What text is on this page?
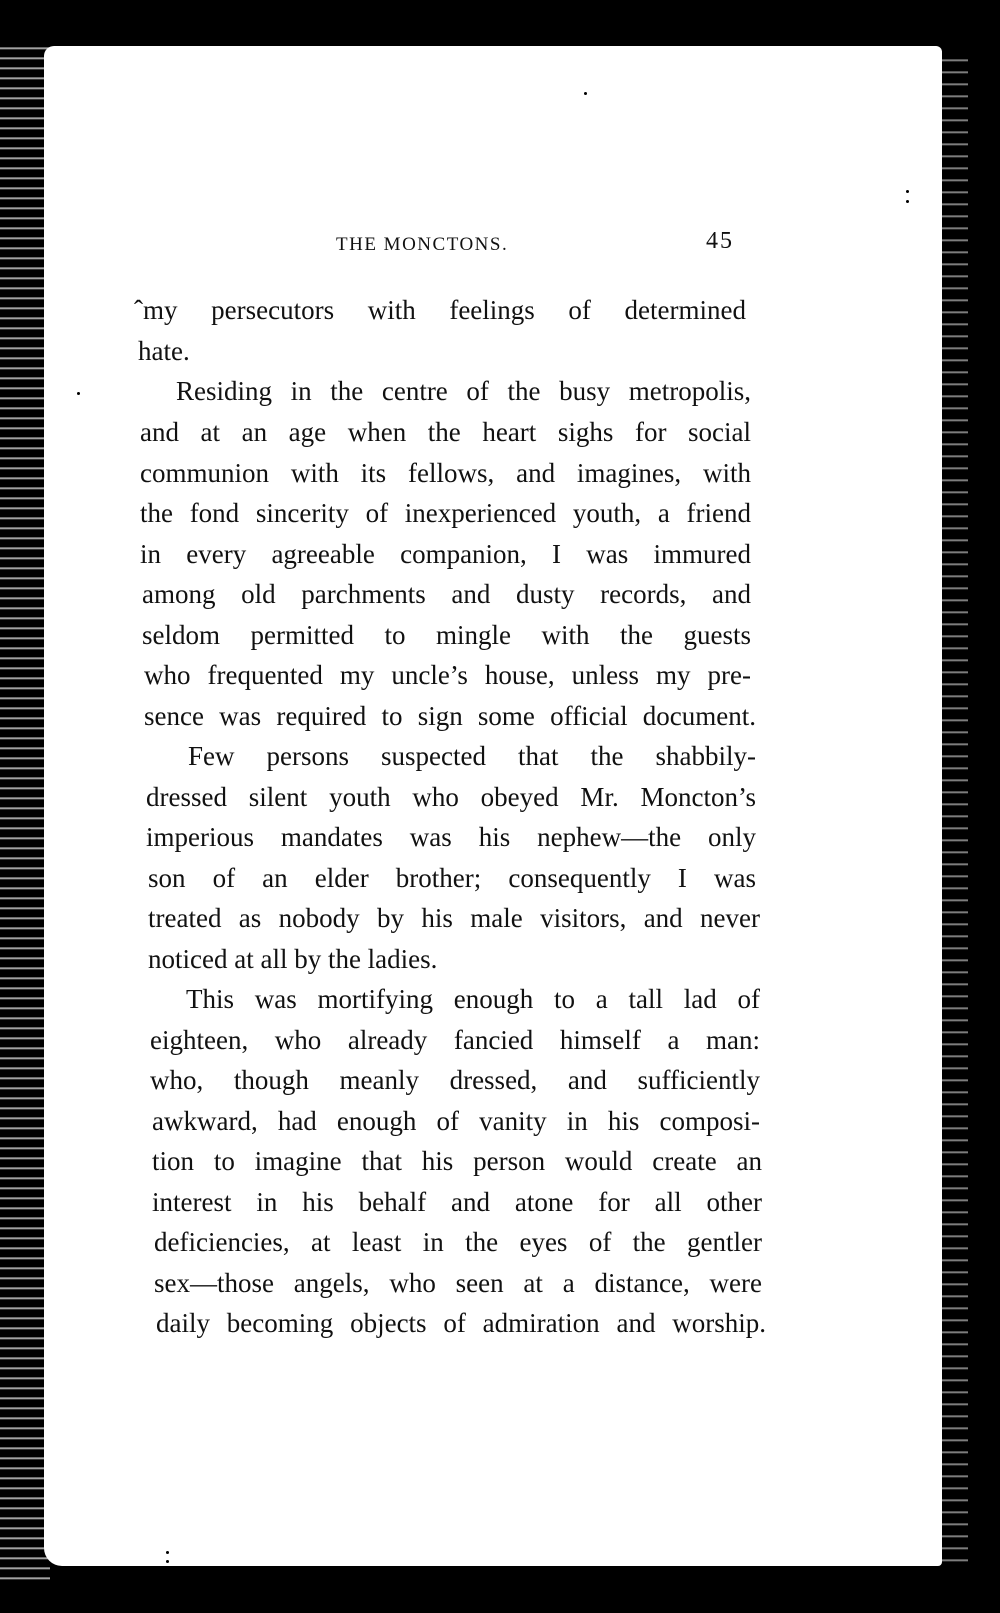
THE MONCTONS.	45
ˆmy persecutors with feelings of determined
hate.
Residing in the centre of the busy metropolis,
and at an age when the heart sighs for social
communion with its fellows, and imagines, with
the fond sincerity of inexperienced youth, a friend
in every agreeable companion, I was immured
among old parchments and dusty records, and
seldom permitted to mingle with the guests
who frequented my uncle’s house, unless my pre-
sence was required to sign some official document.
Few persons suspected that the shabbily-
dressed silent youth who obeyed Mr. Moncton’s
imperious mandates was his nephew—the only
son of an elder brother; consequently I was
treated as nobody by his male visitors, and never
noticed at all by the ladies.
This was mortifying enough to a tall lad of
eighteen, who already fancied himself a man:
who, though meanly dressed, and sufficiently
awkward, had enough of vanity in his composi-
tion to imagine that his person would create an
interest in his behalf and atone for all other
deficiencies, at least in the eyes of the gentler
sex—those angels, who seen at a distance, were
daily becoming objects of admiration and worship.
